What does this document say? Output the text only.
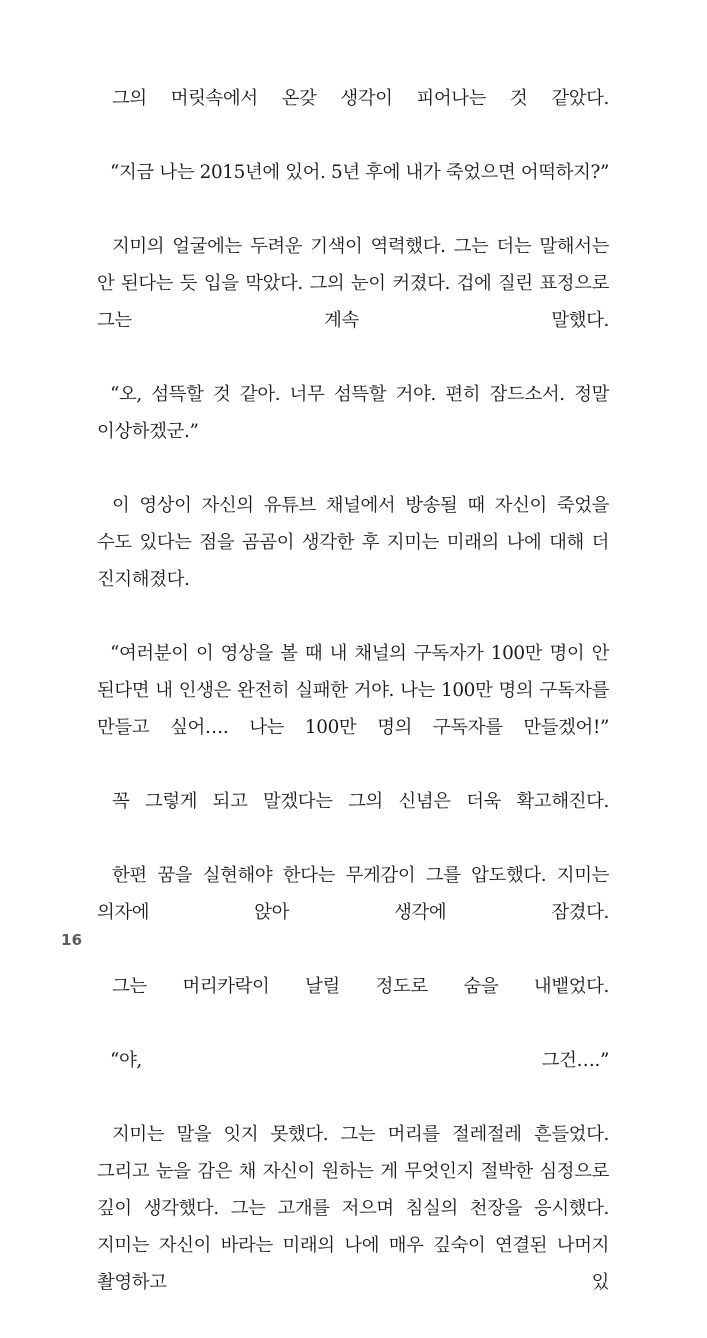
그의 머릿속에서 온갖 생각이 피어나는 것 같았다.

“지금 나는 2015년에 있어. 5년 후에 내가 죽었으면 어떡하지?”

지미의 얼굴에는 두려운 기색이 역력했다. 그는 더는 말해서는 안 된다는 듯 입을 막았다. 그의 눈이 커졌다. 겁에 질린 표정으로 그는 계속 말했다.

“오, 섬뜩할 것 같아. 너무 섬뜩할 거야. 편히 잠드소서. 정말 이상하겠군.”

이 영상이 자신의 유튜브 채널에서 방송될 때 자신이 죽었을 수도 있다는 점을 곰곰이 생각한 후 지미는 미래의 나에 대해 더 진지해졌다.

“여러분이 이 영상을 볼 때 내 채널의 구독자가 100만 명이 안 된다면 내 인생은 완전히 실패한 거야. 나는 100만 명의 구독자를 만들고 싶어…. 나는 100만 명의 구독자를 만들겠어!”

꼭 그렇게 되고 말겠다는 그의 신념은 더욱 확고해진다.

한편 꿈을 실현해야 한다는 무게감이 그를 압도했다. 지미는 의자에 앉아 생각에 잠겼다.

그는 머리카락이 날릴 정도로 숨을 내뱉었다.

“야, 그건….”

지미는 말을 잇지 못했다. 그는 머리를 절레절레 흔들었다. 그리고 눈을 감은 채 자신이 원하는 게 무엇인지 절박한 심정으로 깊이 생각했다. 그는 고개를 저으며 침실의 천장을 응시했다. 지미는 자신이 바라는 미래의 나에 매우 깊숙이 연결된 나머지 촬영하고 있

16
